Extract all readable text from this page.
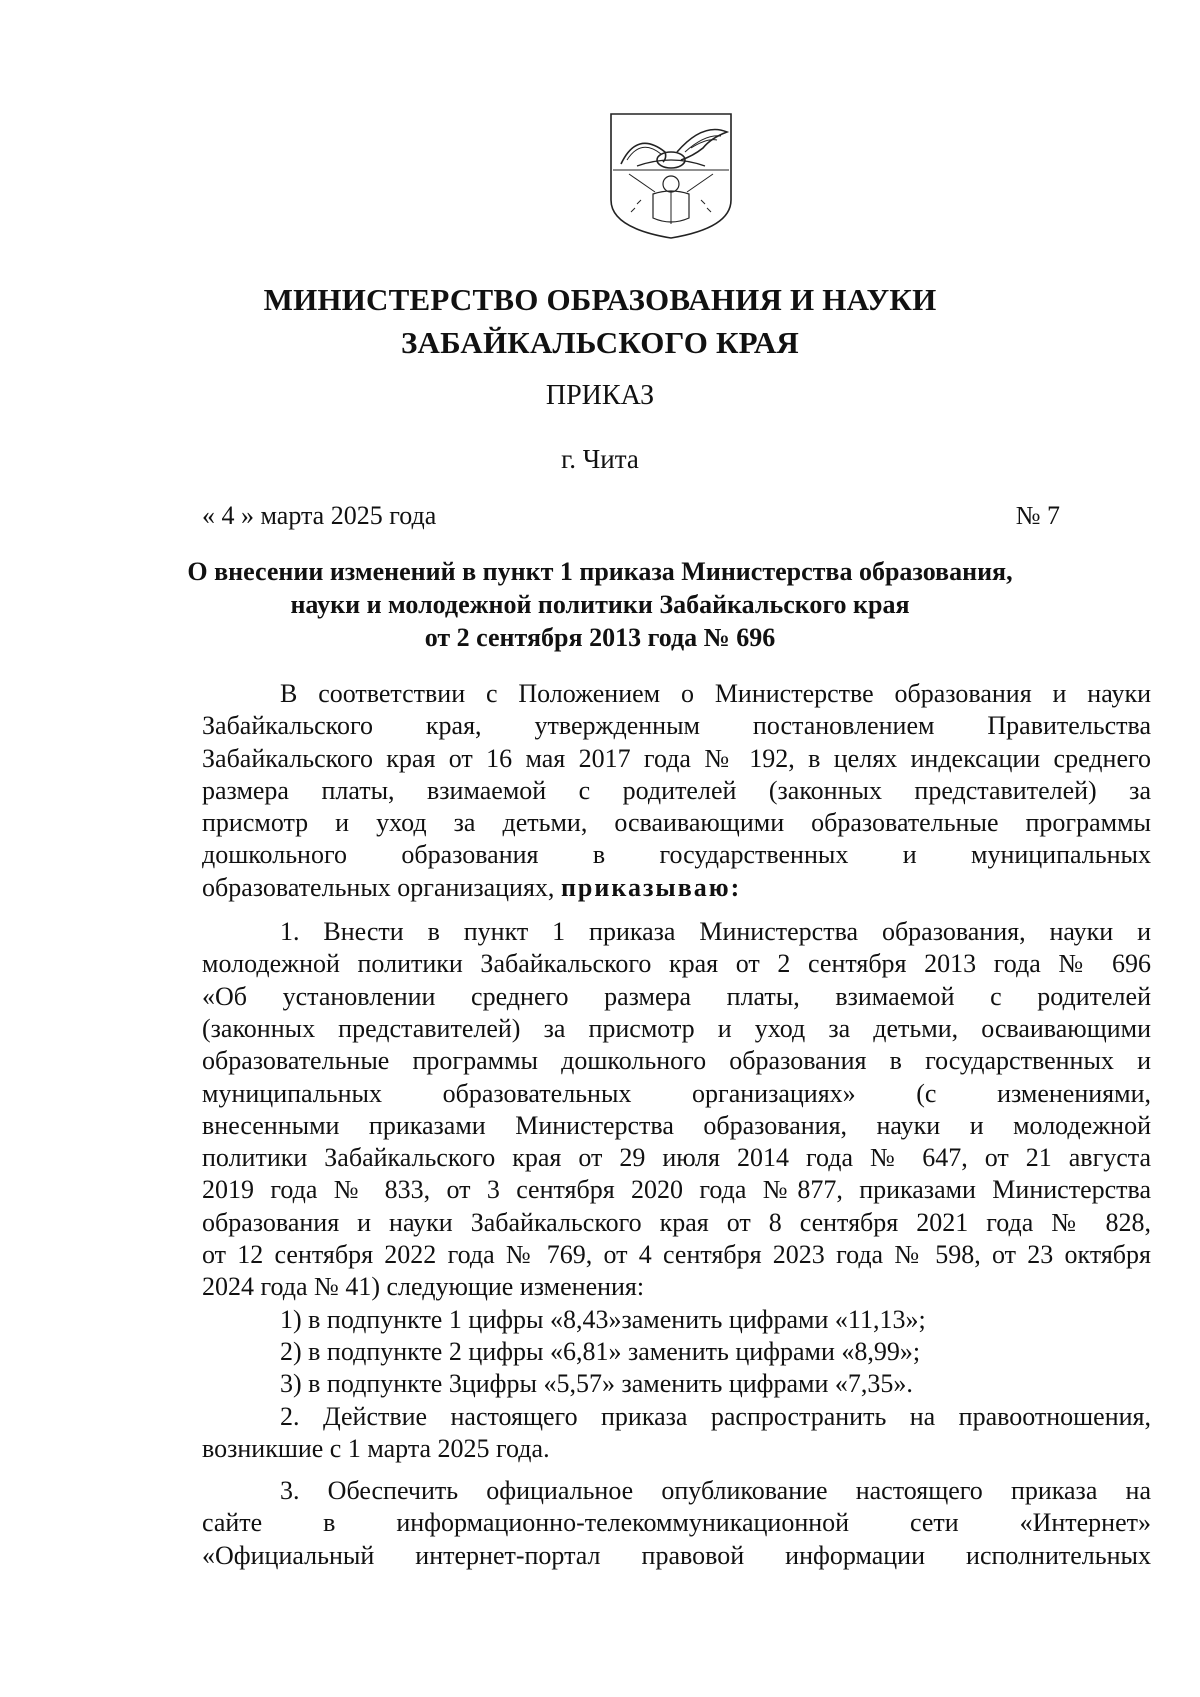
МИНИСТЕРСТВО ОБРАЗОВАНИЯ И НАУКИ
ЗАБАЙКАЛЬСКОГО КРАЯ
ПРИКАЗ
г. Чита
« 4 » марта 2025 года	№ 7
О внесении изменений в пункт 1 приказа Министерства образования,
науки и молодежной политики Забайкальского края
от 2 сентября 2013 года № 696

В соответствии с Положением о Министерстве образования и науки

Забайкальского края, утвержденным постановлением Правительства

Забайкальского края от 16 мая 2017 года № 192, в целях индексации среднего

размера платы, взимаемой с родителей (законных представителей) за

присмотр и уход за детьми, осваивающими образовательные программы

дошкольного образования в государственных и муниципальных

образовательных организациях, приказываю:

1. Внести в пункт 1 приказа Министерства образования, науки и

молодежной политики Забайкальского края от 2 сентября 2013 года № 696

«Об установлении среднего размера платы, взимаемой с родителей

(законных представителей) за присмотр и уход за детьми, осваивающими

образовательные программы дошкольного образования в государственных и

муниципальных образовательных организациях» (с изменениями,

внесенными приказами Министерства образования, науки и молодежной

политики Забайкальского края от 29 июля 2014 года № 647, от 21 августа

2019 года № 833, от 3 сентября 2020 года №877, приказами Министерства

образования и науки Забайкальского края от 8 сентября 2021 года № 828,

от 12 сентября 2022 года № 769, от 4 сентября 2023 года № 598, от 23 октября

2024 года № 41) следующие изменения:

1) в подпункте 1 цифры «8,43»заменить цифрами «11,13»;

2) в подпункте 2 цифры «6,81» заменить цифрами «8,99»;

3) в подпункте 3цифры «5,57» заменить цифрами «7,35».

2. Действие настоящего приказа распространить на правоотношения,

возникшие с 1 марта 2025 года.

3. Обеспечить официальное опубликование настоящего приказа на

сайте в информационно-телекоммуникационной сети «Интернет»

«Официальный интернет-портал правовой информации исполнительных
